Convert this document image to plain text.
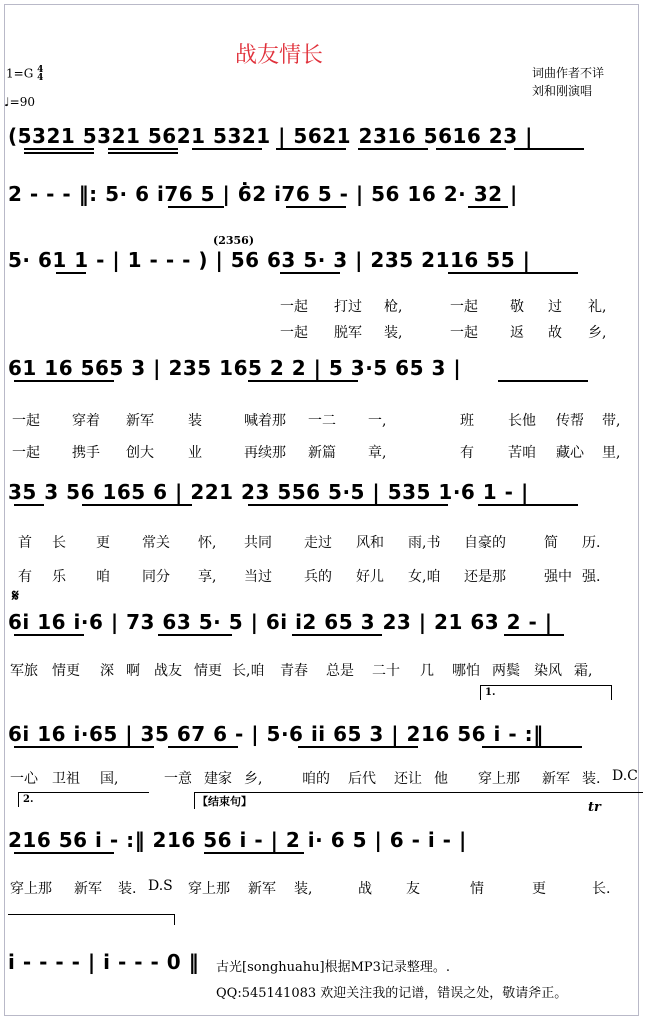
战友情长
1=G 4
4
♩=90
词曲作者不详
刘和刚演唱
(5321 5321 5621 5321 | 5621 2316 5616 23 |
2 - - - ‖: 5· 6 i76 5 | 6̇2 i76 5 - | 56 16 2· 32 |
(2356)
5· 61 1 - | 1 - - - ) | 56 63 5· 3 | 235 2116 55 |
一起 打过 枪,	一起 敬 过 礼,
一起 脱军 装,	一起 返 故 乡,
61 16 565 3 | 235 165 2 2 | 5 3·5 65 3 |
一起 穿着 新军 装	喊着那 一二 一,	班 长他 传帮 带,
一起 携手 创大 业	再续那 新篇 章,	有 苦咱 藏心 里,
35 3 56 165 6 | 221 23 556 5·5 | 535 1·6 1 - |
首 长 更 常关 怀, 共同 走过 风和 雨,书 自豪的	简 历.
有 乐 咱 同分 享, 当过 兵的 好儿 女,咱 还是那	强中 强.
𝄋
6i 16 i·6 | 73 63 5· 5 | 6i i2 65 3 23 | 21 63 2 - |
军旅 情更 深 啊 战友 情更 长,咱 青春 总是 二十 几 哪怕 两鬓 染风 霜,
1.
6i 16 i·65 | 35 67 6 - | 5·6 ii 65 3 | 216 56 i - :‖
一心 卫祖 国,	一意 建家 乡,	咱的 后代 还让 他 穿上那 新军 装. D.C
2.	【结束句】	tr
216 56 i - :‖ 216 56 i - | 2 i· 6 5 | 6 - i - |
穿上那 新军 装. D.S 穿上那 新军 装,	战 友	情	更	长.
i - - - - | i - - - 0 ‖ 古光[songhuahu]根据MP3记录整理。.
QQ:545141083 欢迎关注我的记谱，错误之处，敬请斧正。
